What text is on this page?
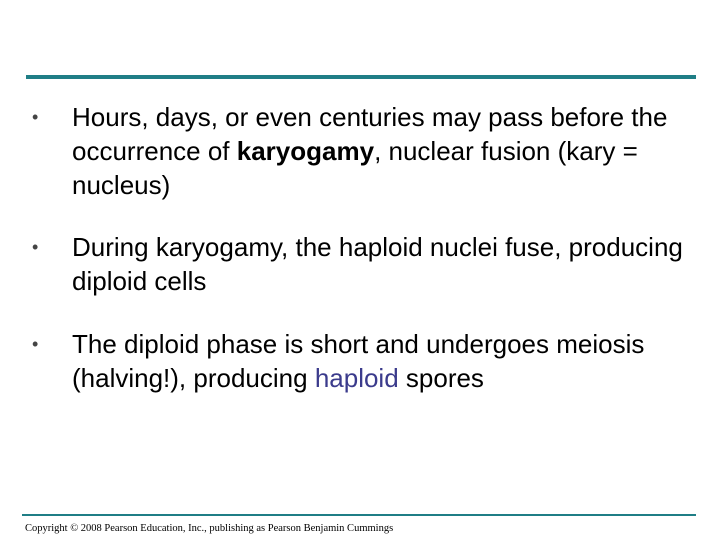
•	Hours, days, or even centuries may pass before the occurrence of karyogamy, nuclear fusion (kary = nucleus)
•	During karyogamy, the haploid nuclei fuse, producing diploid cells
•	The diploid phase is short and undergoes meiosis (halving!), producing haploid spores
Copyright © 2008 Pearson Education, Inc., publishing as Pearson Benjamin Cummings
